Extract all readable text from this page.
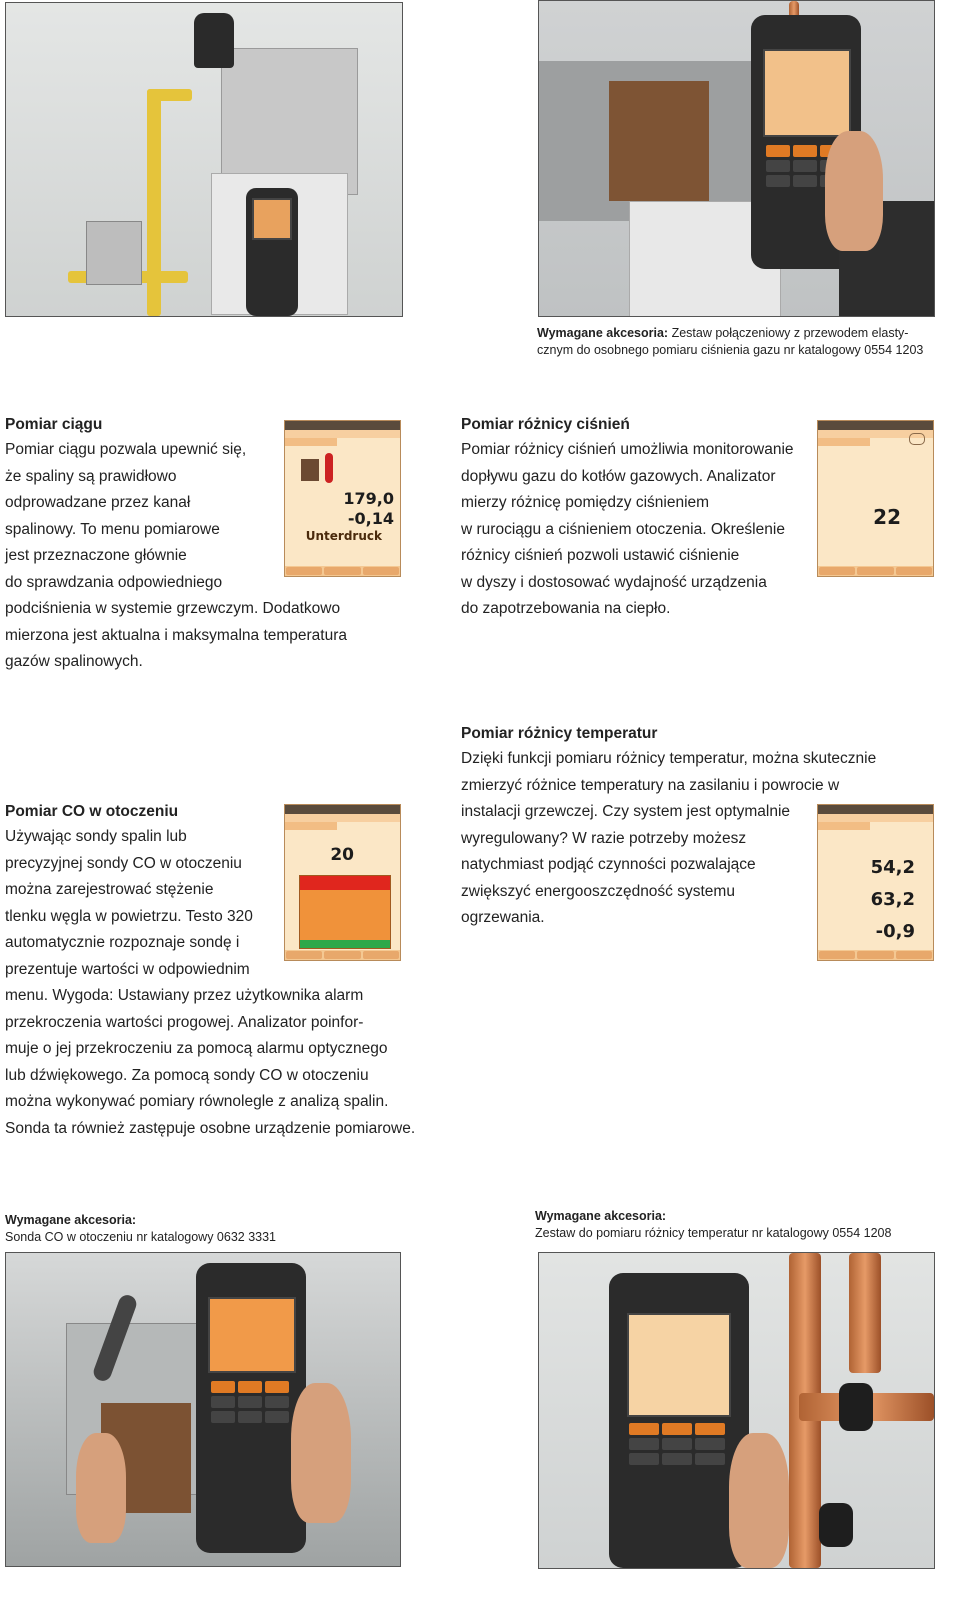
Wymagane akcesoria: Zestaw połączeniowy z przewodem elasty-
cznym do osobnego pomiaru ciśnienia gazu nr katalogowy 0554 1203
Pomiar ciągu
Pomiar ciągu pozwala upewnić się,
że spaliny są prawidłowo
odprowadzane przez kanał
spalinowy. To menu pomiarowe
jest przeznaczone głównie
do sprawdzania odpowiedniego
podciśnienia w systemie grzewczym. Dodatkowo
mierzona jest aktualna i maksymalna temperatura
gazów spalinowych.
179,0
-0,14
Unterdruck
Pomiar różnicy ciśnień
Pomiar różnicy ciśnień umożliwia monitorowanie
dopływu gazu do kotłów gazowych. Analizator
mierzy różnicę pomiędzy ciśnieniem
w rurociągu a ciśnieniem otoczenia. Określenie
różnicy ciśnień pozwoli ustawić ciśnienie
w dyszy i dostosować wydajność urządzenia
do zapotrzebowania na ciepło.
22
Pomiar różnicy temperatur
Dzięki funkcji pomiaru różnicy temperatur, można skutecznie
zmierzyć różnice temperatury na zasilaniu i powrocie w
instalacji grzewczej. Czy system jest optymalnie
wyregulowany? W razie potrzeby możesz
natychmiast podjąć czynności pozwalające
zwiększyć energooszczędność systemu
ogrzewania.
54,2
63,2
-0,9
Pomiar CO w otoczeniu
Używając sondy spalin lub
precyzyjnej sondy CO w otoczeniu
można zarejestrować stężenie
tlenku węgla w powietrzu. Testo 320
automatycznie rozpoznaje sondę i
prezentuje wartości w odpowiednim
menu. Wygoda: Ustawiany przez użytkownika alarm
przekroczenia wartości progowej. Analizator poinfor-
muje o jej przekroczeniu za pomocą alarmu optycznego
lub dźwiękowego. Za pomocą sondy CO w otoczeniu
można wykonywać pomiary równolegle z analizą spalin.
Sonda ta również zastępuje osobne urządzenie pomiarowe.
20
Wymagane akcesoria:
Sonda CO w otoczeniu nr katalogowy 0632 3331
Wymagane akcesoria:
Zestaw do pomiaru różnicy temperatur nr katalogowy 0554 1208
